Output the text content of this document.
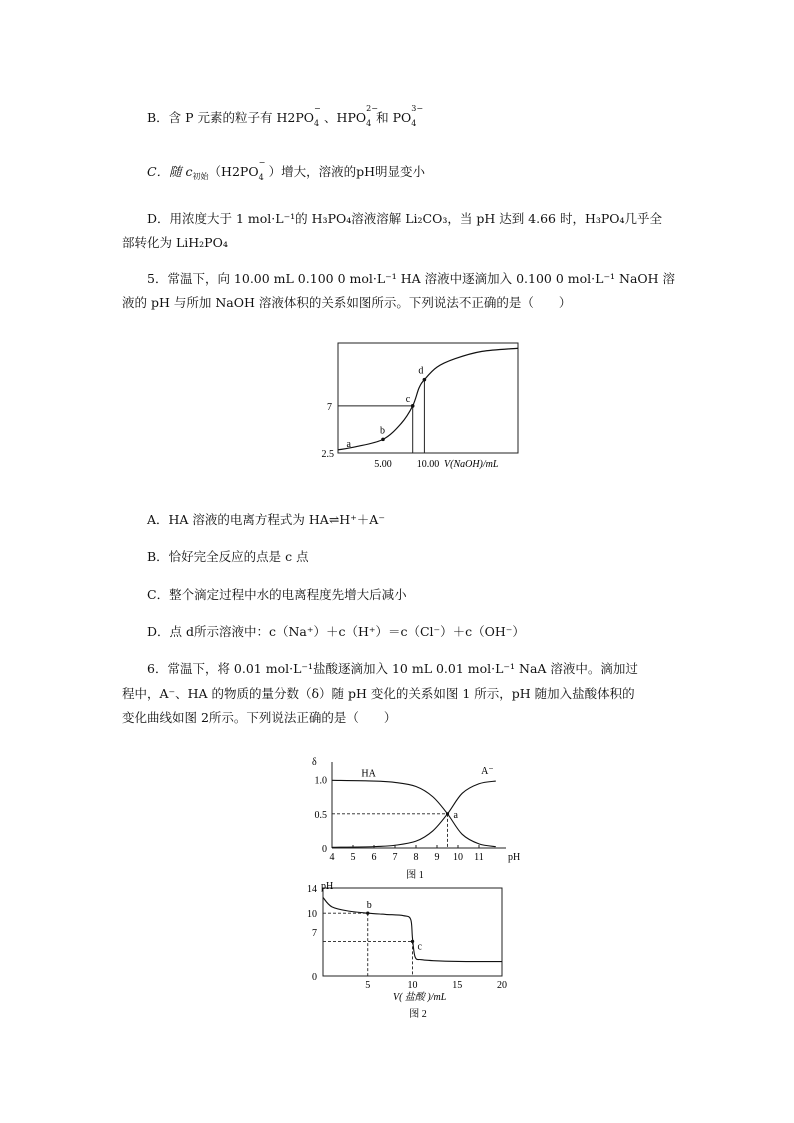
B．含 P 元素的粒子有 H2PO
−
4 、HPO
2−
4 和 PO
3−
4
C．随 $c_{初始}(H2PO$
−
4 ）增大，溶液的pH明显变小
D．用浓度大于 1 mol·L⁻¹的 H₃PO₄溶液溶解 Li₂CO₃，当 pH 达到 4.66 时，H₃PO₄几乎全
部转化为 LiH₂PO₄
5．常温下，向 10.00 mL 0.100 0 mol·L⁻¹ HA 溶液中逐滴加入 0.100 0 mol·L⁻¹ NaOH 溶
液的 pH 与所加 NaOH 溶液体积的关系如图所示。下列说法不正确的是（　　）
a
b
c
d
2.5
7
5.00	10.00 V(NaOH)/mL
A．HA 溶液的电离方程式为 HA⇌H⁺＋A⁻
B．恰好完全反应的点是 c 点
C．整个滴定过程中水的电离程度先增大后减小
D．点 d所示溶液中：c（Na⁺）＋c（H⁺）＝c（Cl⁻）＋c（OH⁻）
6．常温下，将 0.01 mol·L⁻¹盐酸逐滴加入 10 mL 0.01 mol·L⁻¹ NaA 溶液中。滴加过
程中，A⁻、HA 的物质的量分数（δ）随 pH 变化的关系如图 1 所示，pH 随加入盐酸体积的
变化曲线如图 2所示。下列说法正确的是（　　）
4 5 6 7 8 9 10 11
0
0.5
1.0
δ
pH
HA	A⁻
a
图 1
5	10	15	20
0
7
10
14 pH
V( 盐酸 )/mL
b
c
图 2
